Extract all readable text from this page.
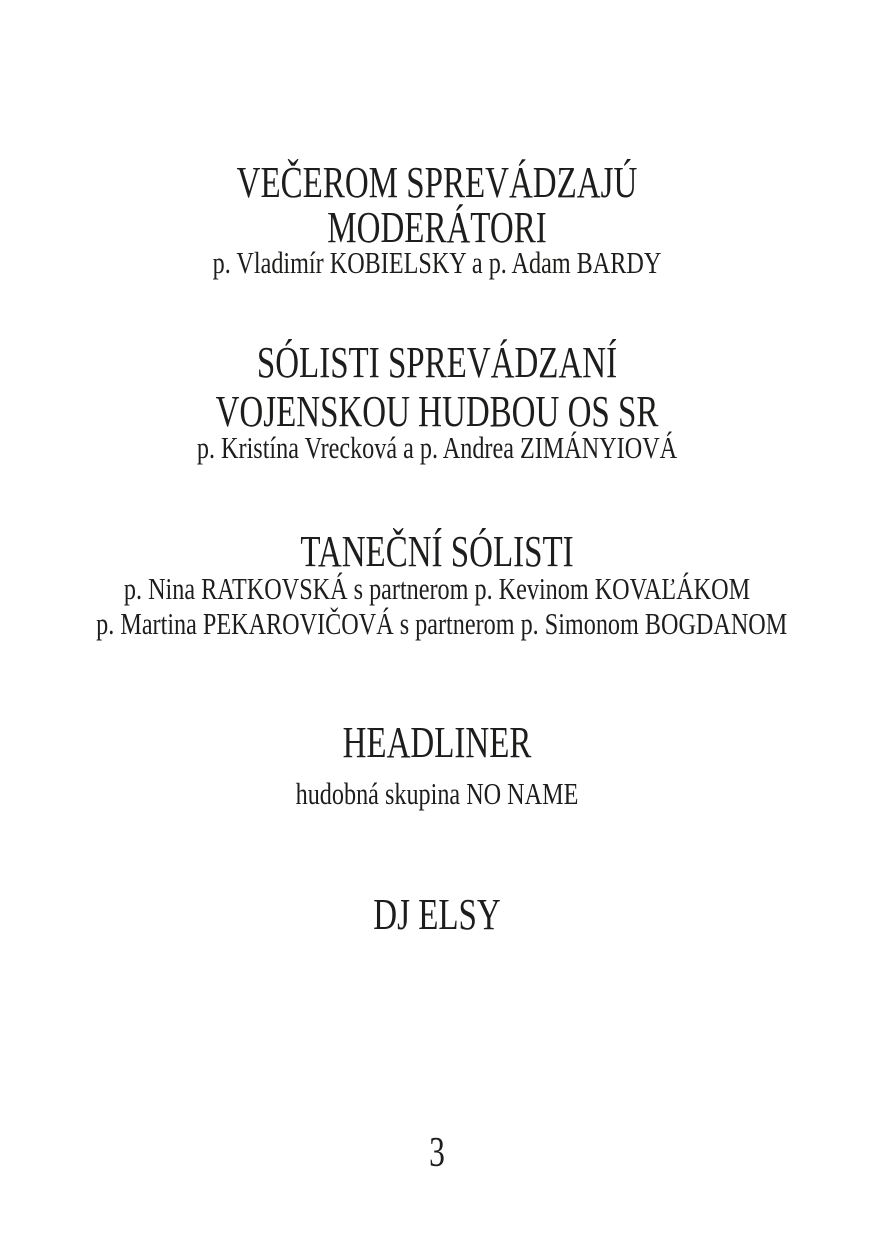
VEČEROM SPREVÁDZAJÚ
MODERÁTORI
p. Vladimír KOBIELSKY a p. Adam BARDY
SÓLISTI SPREVÁDZANÍ
VOJENSKOU HUDBOU OS SR
p. Kristína Vrecková a p. Andrea ZIMÁNYIOVÁ
TANEČNÍ SÓLISTI
p. Nina RATKOVSKÁ s partnerom p. Kevinom KOVAĽÁKOM
p. Martina PEKAROVIČOVÁ s partnerom p. Simonom BOGDANOM
HEADLINER
hudobná skupina NO NAME
DJ ELSY
3
